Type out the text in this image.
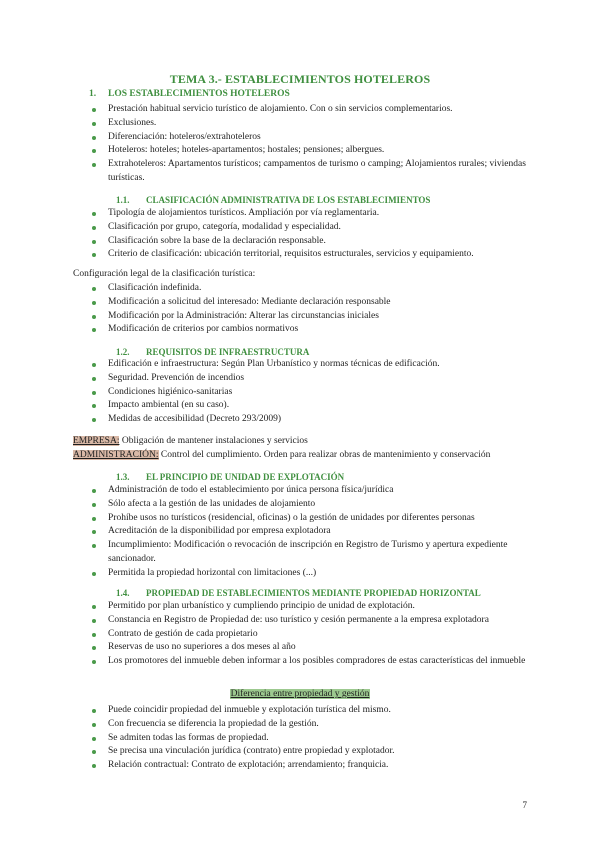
TEMA 3.- ESTABLECIMIENTOS HOTELEROS
1. LOS ESTABLECIMIENTOS HOTELEROS
Prestación habitual servicio turístico de alojamiento. Con o sin servicios complementarios.
Exclusiones.
Diferenciación: hoteleros/extrahoteleros
Hoteleros: hoteles; hoteles-apartamentos; hostales; pensiones; albergues.
Extrahoteleros: Apartamentos turísticos; campamentos de turismo o camping; Alojamientos rurales; viviendas turísticas.
1.1. CLASIFICACIÓN ADMINISTRATIVA DE LOS ESTABLECIMIENTOS
Tipología de alojamientos turísticos. Ampliación por vía reglamentaria.
Clasificación por grupo, categoría, modalidad y especialidad.
Clasificación sobre la base de la declaración responsable.
Criterio de clasificación: ubicación territorial, requisitos estructurales, servicios y equipamiento.
Configuración legal de la clasificación turística:
Clasificación indefinida.
Modificación a solicitud del interesado: Mediante declaración responsable
Modificación por la Administración: Alterar las circunstancias iniciales
Modificación de criterios por cambios normativos
1.2. REQUISITOS DE INFRAESTRUCTURA
Edificación e infraestructura: Según Plan Urbanístico y normas técnicas de edificación.
Seguridad. Prevención de incendios
Condiciones higiénico-sanitarias
Impacto ambiental (en su caso).
Medidas de accesibilidad (Decreto 293/2009)
EMPRESA: Obligación de mantener instalaciones y servicios
ADMINISTRACIÓN: Control del cumplimiento. Orden para realizar obras de mantenimiento y conservación
1.3. EL PRINCIPIO DE UNIDAD DE EXPLOTACIÓN
Administración de todo el establecimiento por única persona física/jurídica
Sólo afecta a la gestión de las unidades de alojamiento
Prohíbe usos no turísticos (residencial, oficinas) o la gestión de unidades por diferentes personas
Acreditación de la disponibilidad por empresa explotadora
Incumplimiento: Modificación o revocación de inscripción en Registro de Turismo y apertura expediente sancionador.
Permitida la propiedad horizontal con limitaciones (...)
1.4. PROPIEDAD DE ESTABLECIMIENTOS MEDIANTE PROPIEDAD HORIZONTAL
Permitido por plan urbanístico y cumpliendo principio de unidad de explotación.
Constancia en Registro de Propiedad de: uso turístico y cesión permanente a la empresa explotadora
Contrato de gestión de cada propietario
Reservas de uso no superiores a dos meses al año
Los promotores del inmueble deben informar a los posibles compradores de estas características del inmueble
Diferencia entre propiedad y gestión
Puede coincidir propiedad del inmueble y explotación turística del mismo.
Con frecuencia se diferencia la propiedad de la gestión.
Se admiten todas las formas de propiedad.
Se precisa una vinculación jurídica (contrato) entre propiedad y explotador.
Relación contractual: Contrato de explotación; arrendamiento; franquicia.
7
